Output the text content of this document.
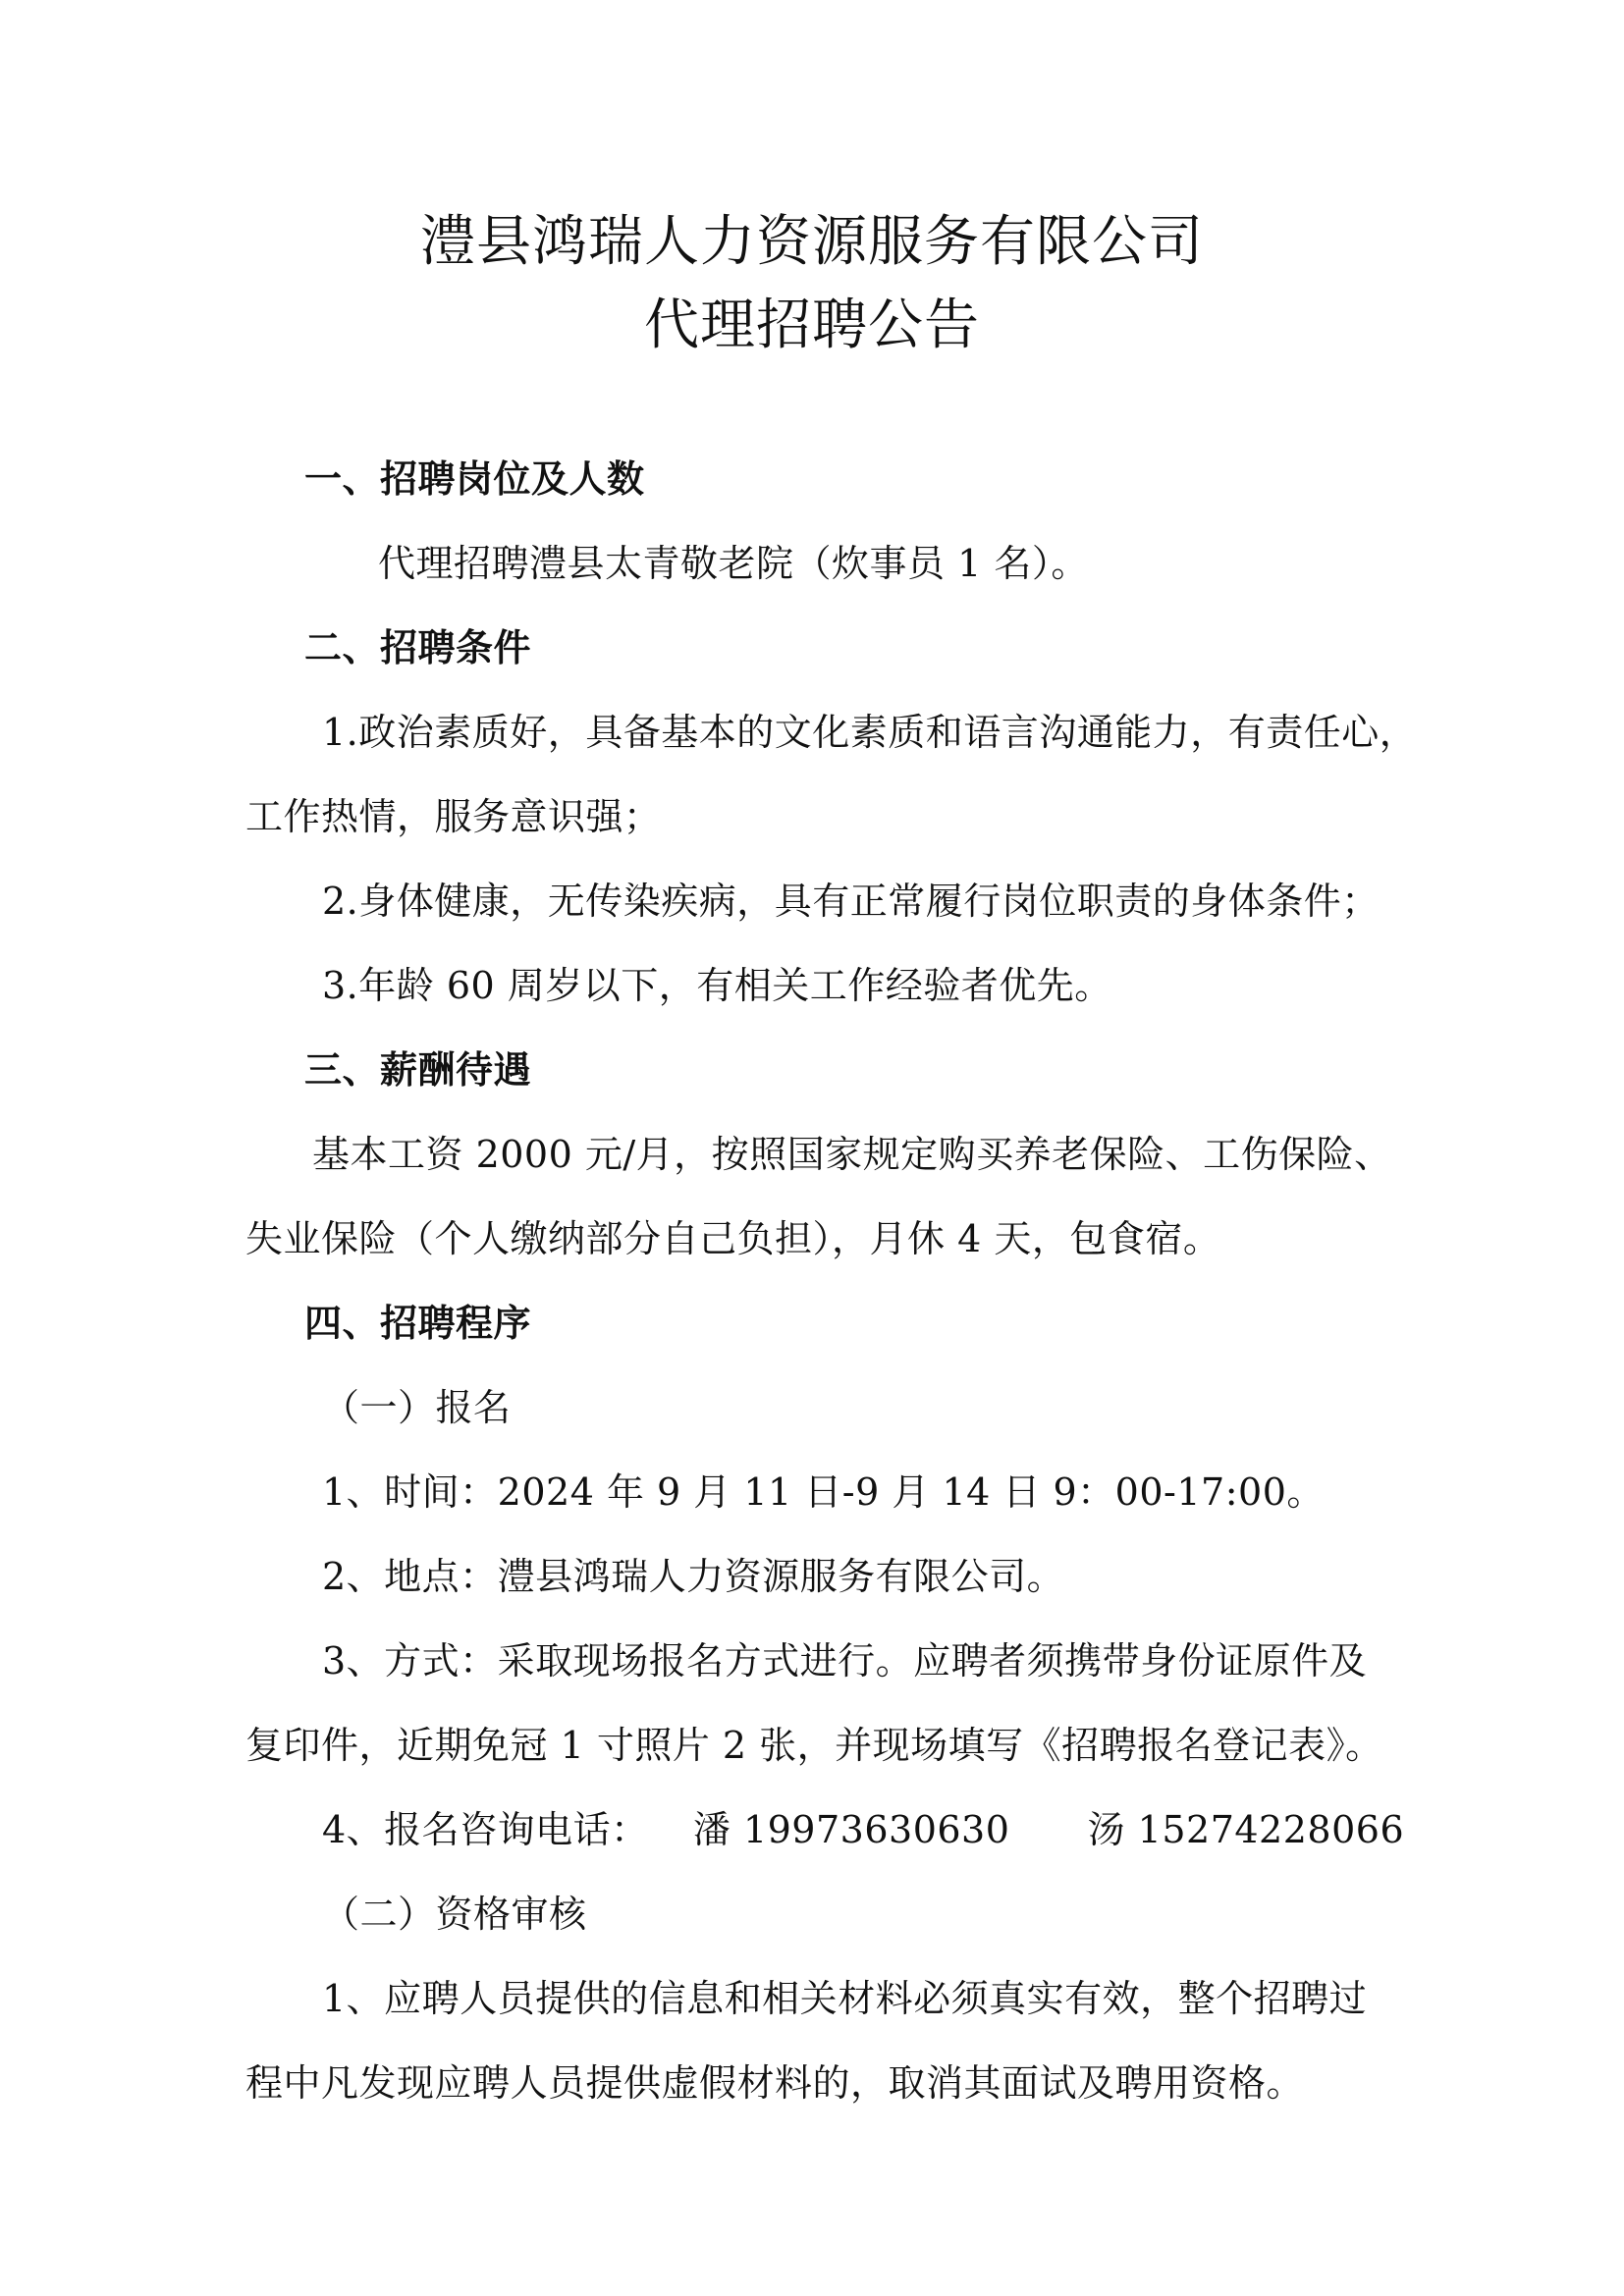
澧县鸿瑞人力资源服务有限公司
代理招聘公告
一、招聘岗位及人数
代理招聘澧县太青敬老院（炊事员 1 名）。
二、招聘条件
1.政治素质好，具备基本的文化素质和语言沟通能力，有责任心，
工作热情，服务意识强；
2.身体健康，无传染疾病，具有正常履行岗位职责的身体条件；
3.年龄 60 周岁以下，有相关工作经验者优先。
三、薪酬待遇
基本工资 2000 元/月，按照国家规定购买养老保险、工伤保险、
失业保险（个人缴纳部分自己负担），月休 4 天，包食宿。
四、招聘程序
（一）报名
1、时间：2024 年 9 月 11 日-9 月 14 日 9：00-17:00。
2、地点：澧县鸿瑞人力资源服务有限公司。
3、方式：采取现场报名方式进行。应聘者须携带身份证原件及
复印件，近期免冠 1 寸照片 2 张，并现场填写《招聘报名登记表》。
4、报名咨询电话： 潘 19973630630 汤 15274228066
（二）资格审核
1、应聘人员提供的信息和相关材料必须真实有效，整个招聘过
程中凡发现应聘人员提供虚假材料的，取消其面试及聘用资格。
